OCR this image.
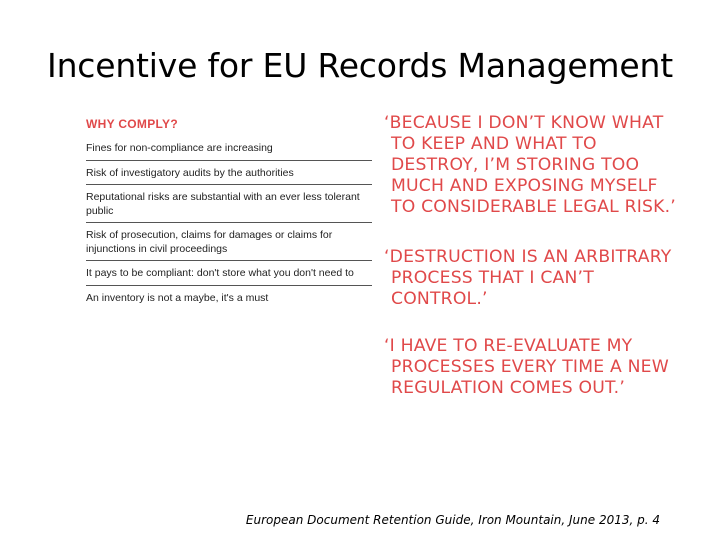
Incentive for EU Records Management
WHY COMPLY?
Fines for non-compliance are increasing
Risk of investigatory audits by the authorities
Reputational risks are substantial with an ever less tolerant public
Risk of prosecution, claims for damages or claims for injunctions in civil proceedings
It pays to be compliant: don't store what you don't need to
An inventory is not a maybe, it's a must

‘BECAUSE I DON’T KNOW WHAT TO KEEP AND WHAT TO DESTROY, I’M STORING TOO MUCH AND EXPOSING MYSELF TO CONSIDERABLE LEGAL RISK.’

‘DESTRUCTION IS AN ARBITRARY PROCESS THAT I CAN’T CONTROL.’

‘I HAVE TO RE-EVALUATE MY PROCESSES EVERY TIME A NEW REGULATION COMES OUT.’

European Document Retention Guide, Iron Mountain, June 2013, p. 4
